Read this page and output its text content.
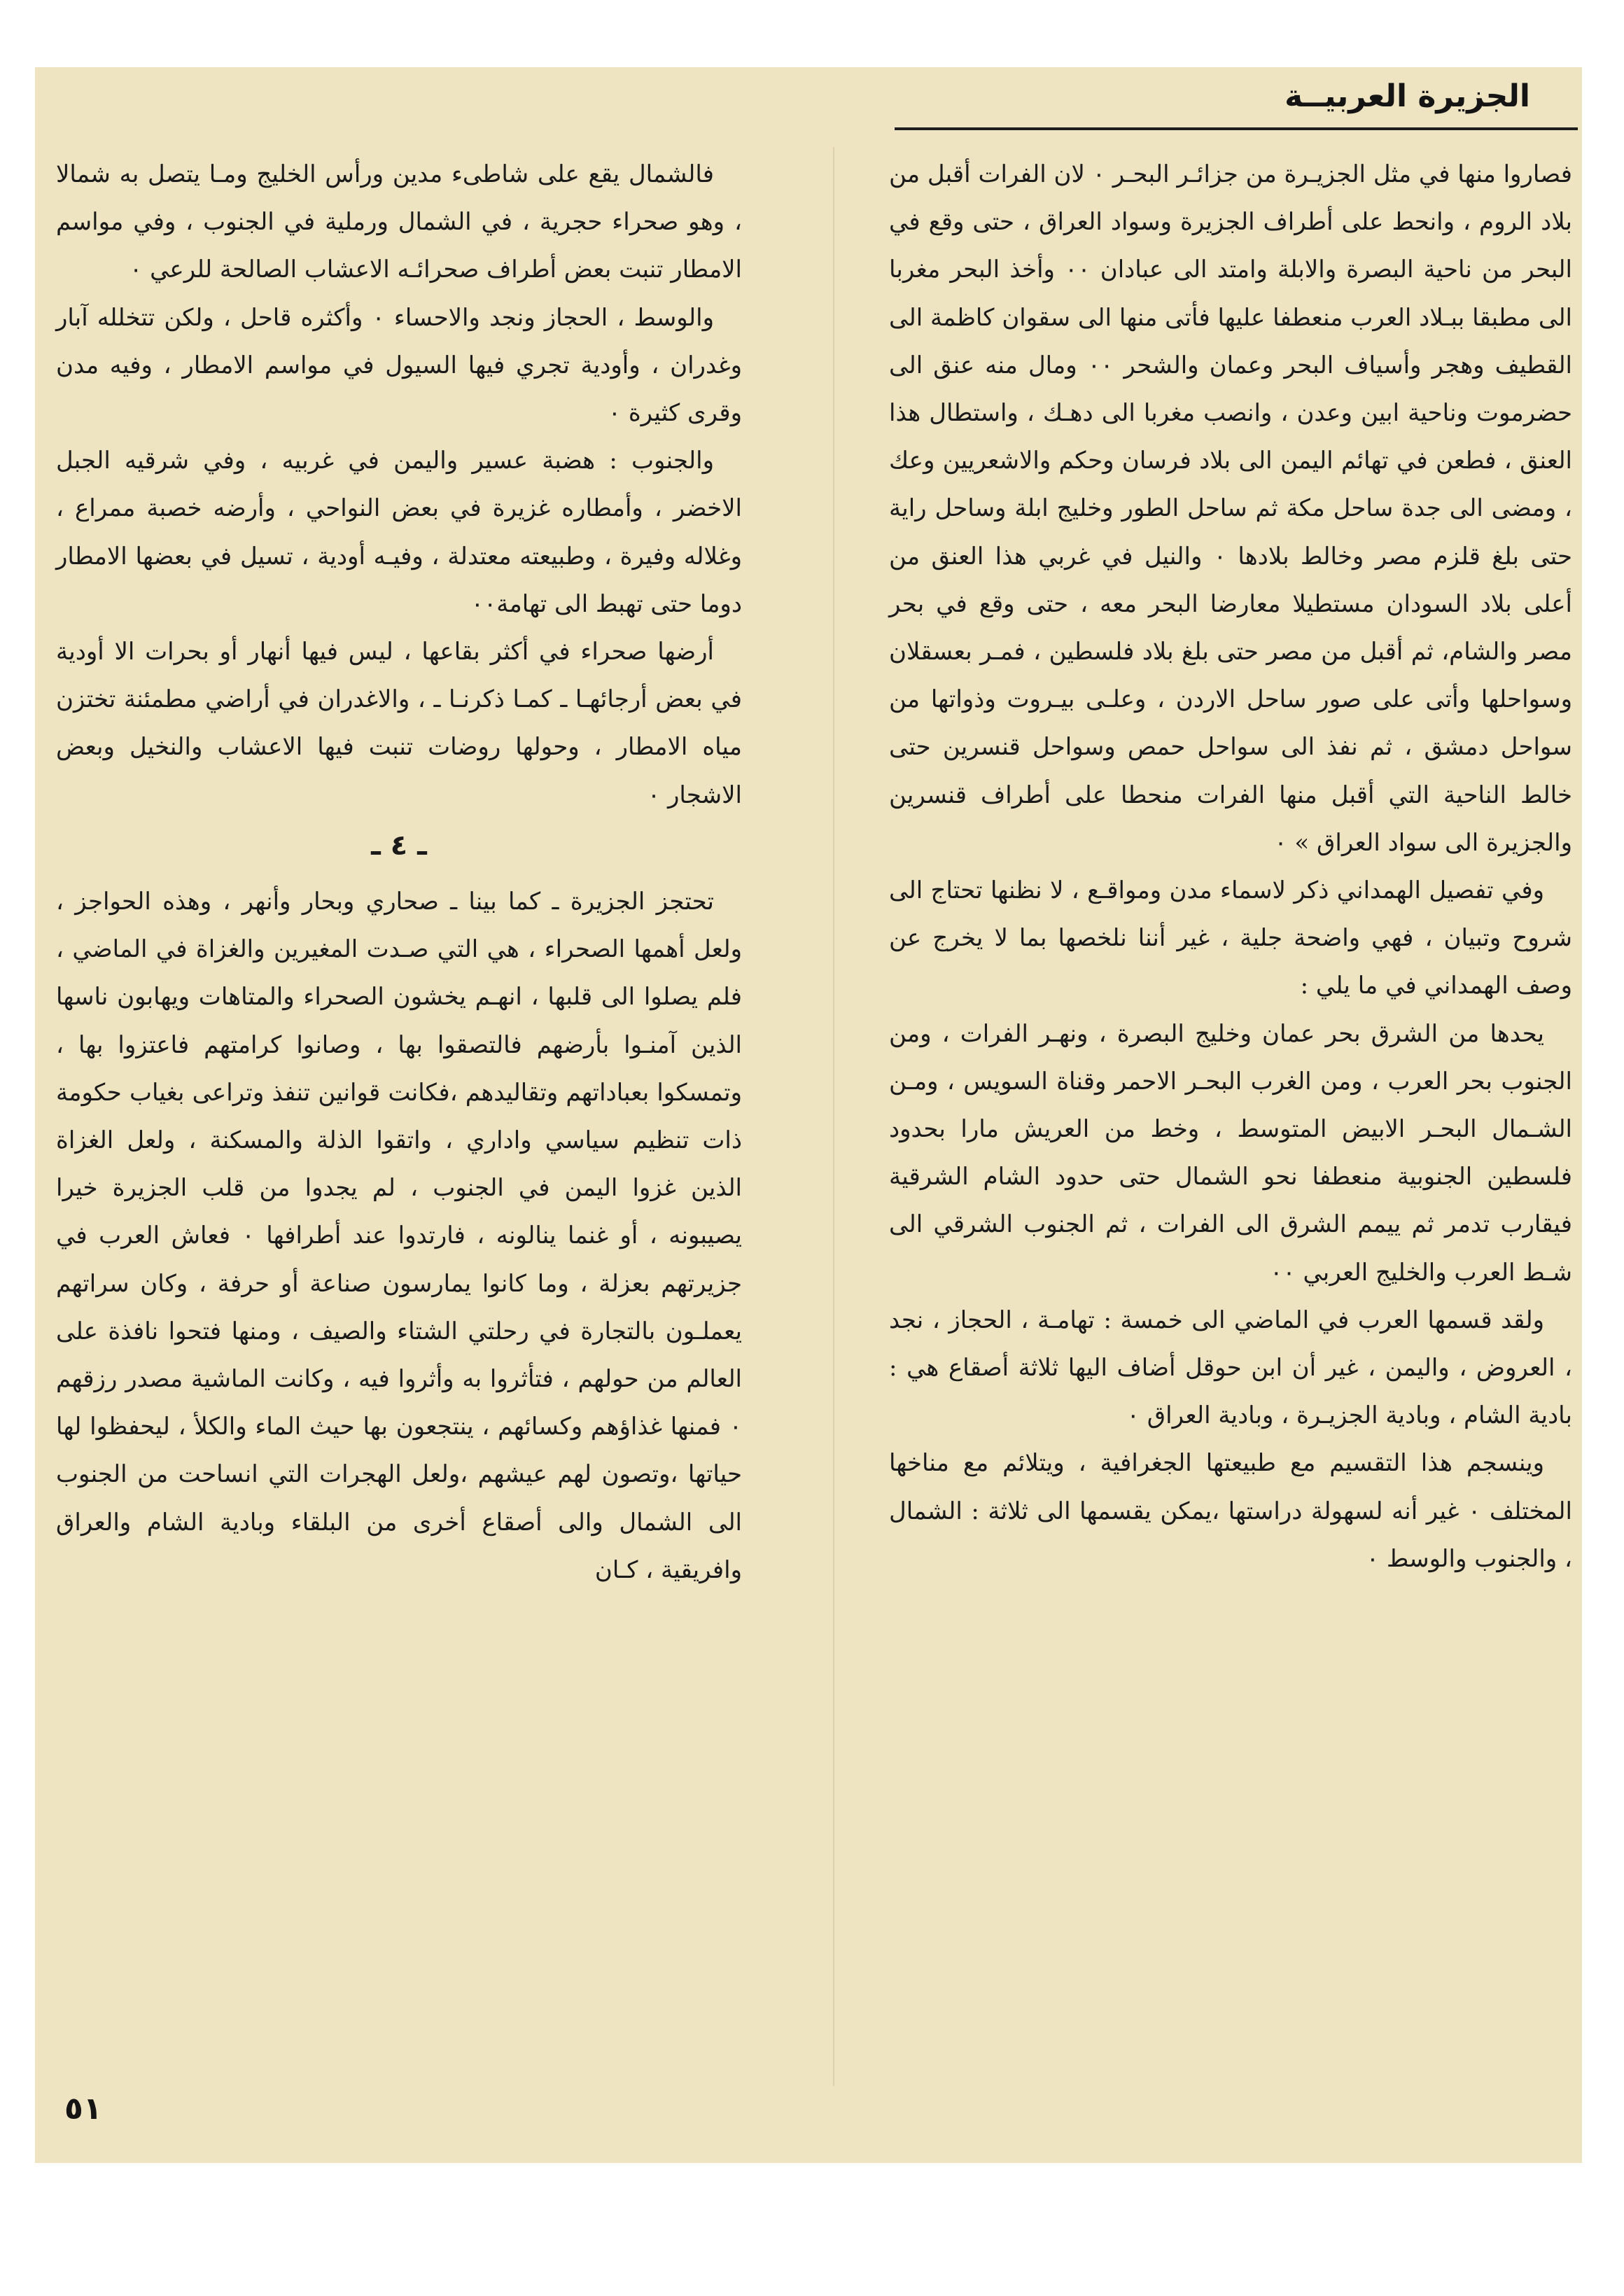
الجزيرة العربيــة

فصاروا منها في مثل الجزيـرة من جزائـر البحـر ٠ لان الفرات أقبل من بلاد الروم ، وانحط على أطراف الجزيرة وسواد العراق ، حتى وقع في البحر من ناحية البصرة والابلة وامتد الى عبادان ٠٠ وأخذ البحر مغربا الى مطبقا ببـلاد العرب منعطفا عليها فأتى منها الى سقوان كاظمة الى القطيف وهجر وأسياف البحر وعمان والشحر ٠٠ ومال منه عنق الى حضرموت وناحية ابين وعدن ، وانصب مغربا الى دهـك ، واستطال هذا العنق ، فطعن في تهائم اليمن الى بلاد فرسان وحكم والاشعريين وعك ، ومضى الى جدة ساحل مكة ثم ساحل الطور وخليج ابلة وساحل راية حتى بلغ قلزم مصر وخالط بلادها ٠ والنيل في غربي هذا العنق من أعلى بلاد السودان مستطيلا معارضا البحر معه ، حتى وقع في بحر مصر والشام، ثم أقبل من مصر حتى بلغ بلاد فلسطين ، فمـر بعسقلان وسواحلها وأتى على صور ساحل الاردن ، وعلـى بيـروت وذواتها من سواحل دمشق ، ثم نفذ الى سواحل حمص وسواحل قنسرين حتى خالط الناحية التي أقبل منها الفرات منحطا على أطراف قنسرين والجزيرة الى سواد العراق » ٠

وفي تفصيل الهمداني ذكر لاسماء مدن ومواقـع ، لا نظنها تحتاج الى شروح وتبيان ، فهي واضحة جلية ، غير أننا نلخصها بما لا يخرج عن وصف الهمداني في ما يلي :

يحدها من الشرق بحر عمان وخليج البصرة ، ونهـر الفرات ، ومن الجنوب بحر العرب ، ومن الغرب البحـر الاحمر وقناة السويس ، ومـن الشـمال البحـر الابيض المتوسط ، وخط من العريش مارا بحدود فلسطين الجنوبية منعطفا نحو الشمال حتى حدود الشام الشرقية فيقارب تدمر ثم ييمم الشرق الى الفرات ، ثم الجنوب الشرقي الى شـط العرب والخليج العربي ٠٠

ولقد قسمها العرب في الماضي الى خمسة : تهامـة ، الحجاز ، نجد ، العروض ، واليمن ، غير أن ابن حوقل أضاف اليها ثلاثة أصقاع هي : بادية الشام ، وبادية الجزيـرة ، وبادية العراق ٠

وينسجم هذا التقسيم مع طبيعتها الجغرافية ، ويتلائم مع مناخها المختلف ٠ غير أنه لسهولة دراستها ،يمكن يقسمها الى ثلاثة : الشمال ، والجنوب والوسط ٠

فالشمال يقع على شاطىء مدين ورأس الخليج ومـا يتصل به شمالا ، وهو صحراء حجرية ، في الشمال ورملية في الجنوب ، وفي مواسم الامطار تنبت بعض أطراف صحرائـه الاعشاب الصالحة للرعي ٠

والوسط ، الحجاز ونجد والاحساء ٠ وأكثره قاحل ، ولكن تتخلله آبار وغدران ، وأودية تجري فيها السيول في مواسم الامطار ، وفيه مدن وقرى كثيرة ٠

والجنوب : هضبة عسير واليمن في غربيه ، وفي شرقيه الجبل الاخضر ، وأمطاره غزيرة في بعض النواحي ، وأرضه خصبة ممراع ، وغلاله وفيرة ، وطبيعته معتدلة ، وفيـه أودية ، تسيل في بعضها الامطار دوما حتى تهبط الى تهامة٠٠

أرضها صحراء في أكثر بقاعها ، ليس فيها أنهار أو بحرات الا أودية في بعض أرجائهـا ـ كمـا ذكرنـا ـ ، والاغدران في أراضي مطمئنة تختزن مياه الامطار ، وحولها روضات تنبت فيها الاعشاب والنخيل وبعض الاشجار ٠

ـ ٤ ـ

تحتجز الجزيرة ـ كما بينا ـ صحاري وبحار وأنهر ، وهذه الحواجز ، ولعل أهمها الصحراء ، هي التي صـدت المغيرين والغزاة في الماضي ، فلم يصلوا الى قلبها ، انهـم يخشون الصحراء والمتاهات ويهابون ناسها الذين آمنـوا بأرضهم فالتصقوا بها ، وصانوا كرامتهم فاعتزوا بها ، وتمسكوا بعباداتهم وتقاليدهم ،فكانت قوانين تنفذ وتراعى بغياب حكومة ذات تنظيم سياسي واداري ، واتقوا الذلة والمسكنة ، ولعل الغزاة الذين غزوا اليمن في الجنوب ، لم يجدوا من قلب الجزيرة خيرا يصيبونه ، أو غنما ينالونه ، فارتدوا عند أطرافها ٠ فعاش العرب في جزيرتهم بعزلة ، وما كانوا يمارسون صناعة أو حرفة ، وكان سراتهم يعملـون بالتجارة في رحلتي الشتاء والصيف ، ومنها فتحوا نافذة على العالم من حولهم ، فتأثروا به وأثروا فيه ، وكانت الماشية مصدر رزقهم ٠ فمنها غذاؤهم وكسائهم ، ينتجعون بها حيث الماء والكلأ ، ليحفظوا لها حياتها ،وتصون لهم عيشهم ،ولعل الهجرات التي انساحت من الجنوب الى الشمال والى أصقاع أخرى من البلقاء وبادية الشام والعراق وافريقية ، كـان

٥١
